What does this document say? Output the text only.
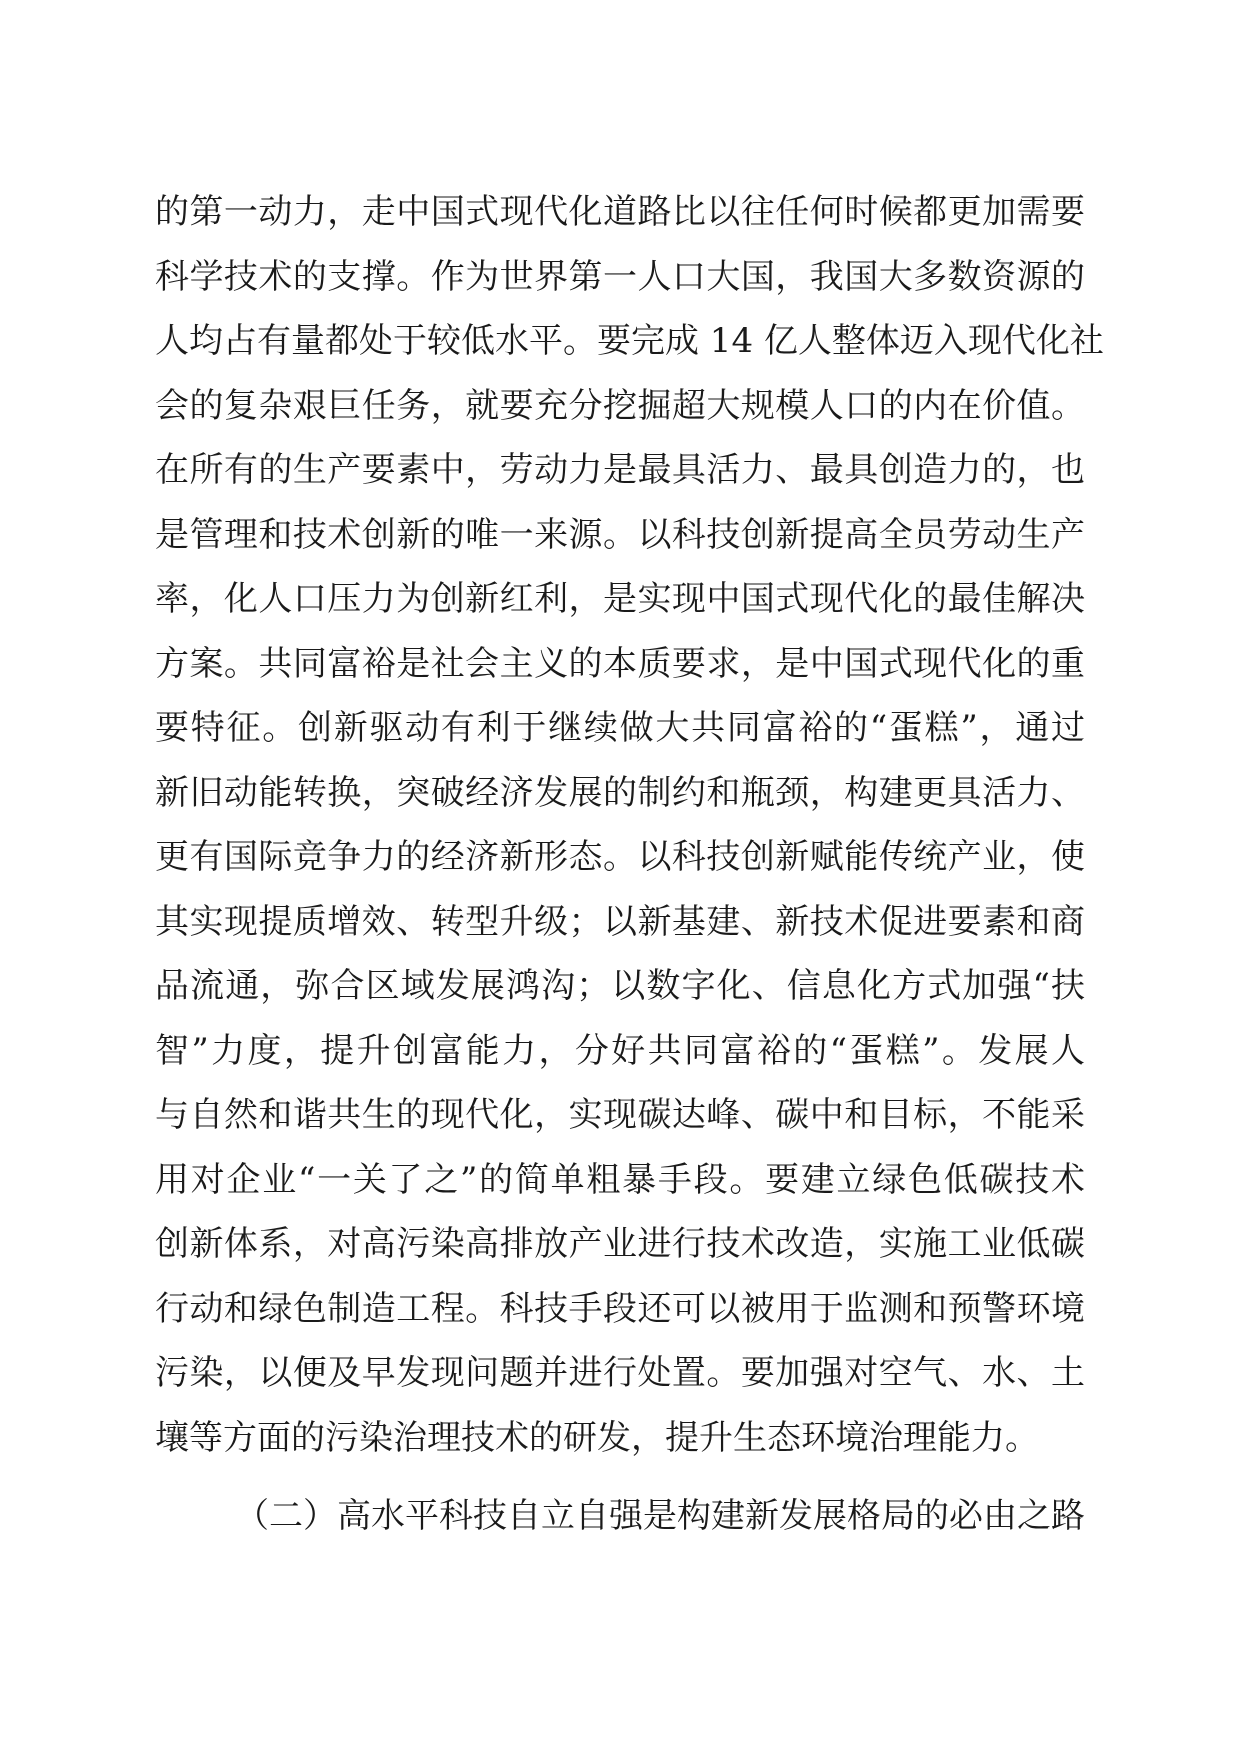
的第一动力，走中国式现代化道路比以往任何时候都更加需要
科学技术的支撑。作为世界第一人口大国，我国大多数资源的
人均占有量都处于较低水平。要完成 14 亿人整体迈入现代化社
会的复杂艰巨任务，就要充分挖掘超大规模人口的内在价值。
在所有的生产要素中，劳动力是最具活力、最具创造力的，也
是管理和技术创新的唯一来源。以科技创新提高全员劳动生产
率，化人口压力为创新红利，是实现中国式现代化的最佳解决
方案。共同富裕是社会主义的本质要求，是中国式现代化的重
要特征。创新驱动有利于继续做大共同富裕的“蛋糕”，通过
新旧动能转换，突破经济发展的制约和瓶颈，构建更具活力、
更有国际竞争力的经济新形态。以科技创新赋能传统产业，使
其实现提质增效、转型升级；以新基建、新技术促进要素和商
品流通，弥合区域发展鸿沟；以数字化、信息化方式加强“扶
智”力度，提升创富能力，分好共同富裕的“蛋糕”。发展人
与自然和谐共生的现代化，实现碳达峰、碳中和目标，不能采
用对企业“一关了之”的简单粗暴手段。要建立绿色低碳技术
创新体系，对高污染高排放产业进行技术改造，实施工业低碳
行动和绿色制造工程。科技手段还可以被用于监测和预警环境
污染，以便及早发现问题并进行处置。要加强对空气、水、土
壤等方面的污染治理技术的研发，提升生态环境治理能力。
（二）高水平科技自立自强是构建新发展格局的必由之路
